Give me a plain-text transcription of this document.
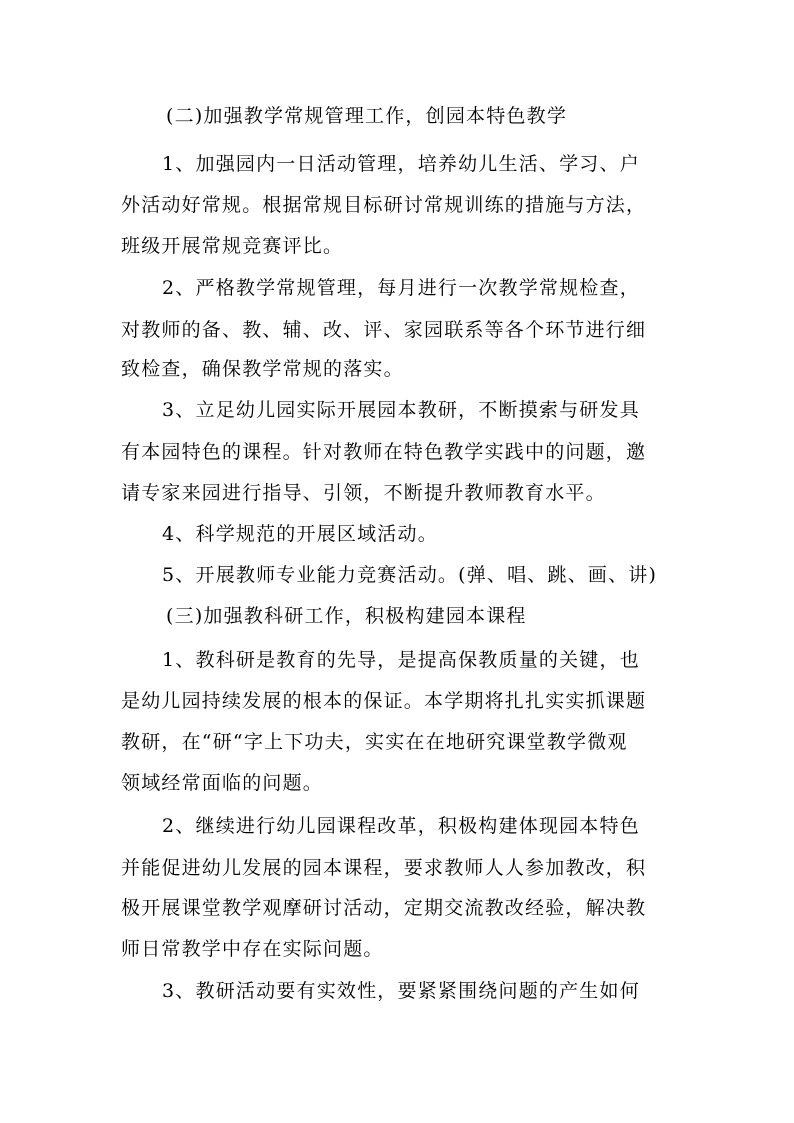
(二)加强教学常规管理工作，创园本特色教学
1、加强园内一日活动管理，培养幼儿生活、学习、户
外活动好常规。根据常规目标研讨常规训练的措施与方法，
班级开展常规竞赛评比。
2、严格教学常规管理，每月进行一次教学常规检查，
对教师的备、教、辅、改、评、家园联系等各个环节进行细
致检查，确保教学常规的落实。
3、立足幼儿园实际开展园本教研，不断摸索与研发具
有本园特色的课程。针对教师在特色教学实践中的问题，邀
请专家来园进行指导、引领，不断提升教师教育水平。
4、科学规范的开展区域活动。
5、开展教师专业能力竞赛活动。(弹、唱、跳、画、讲)
(三)加强教科研工作，积极构建园本课程
1、教科研是教育的先导，是提高保教质量的关键，也
是幼儿园持续发展的根本的保证。本学期将扎扎实实抓课题
教研，在“研“字上下功夫，实实在在地研究课堂教学微观
领域经常面临的问题。
2、继续进行幼儿园课程改革，积极构建体现园本特色
并能促进幼儿发展的园本课程，要求教师人人参加教改，积
极开展课堂教学观摩研讨活动，定期交流教改经验，解决教
师日常教学中存在实际问题。
3、教研活动要有实效性，要紧紧围绕问题的产生如何
